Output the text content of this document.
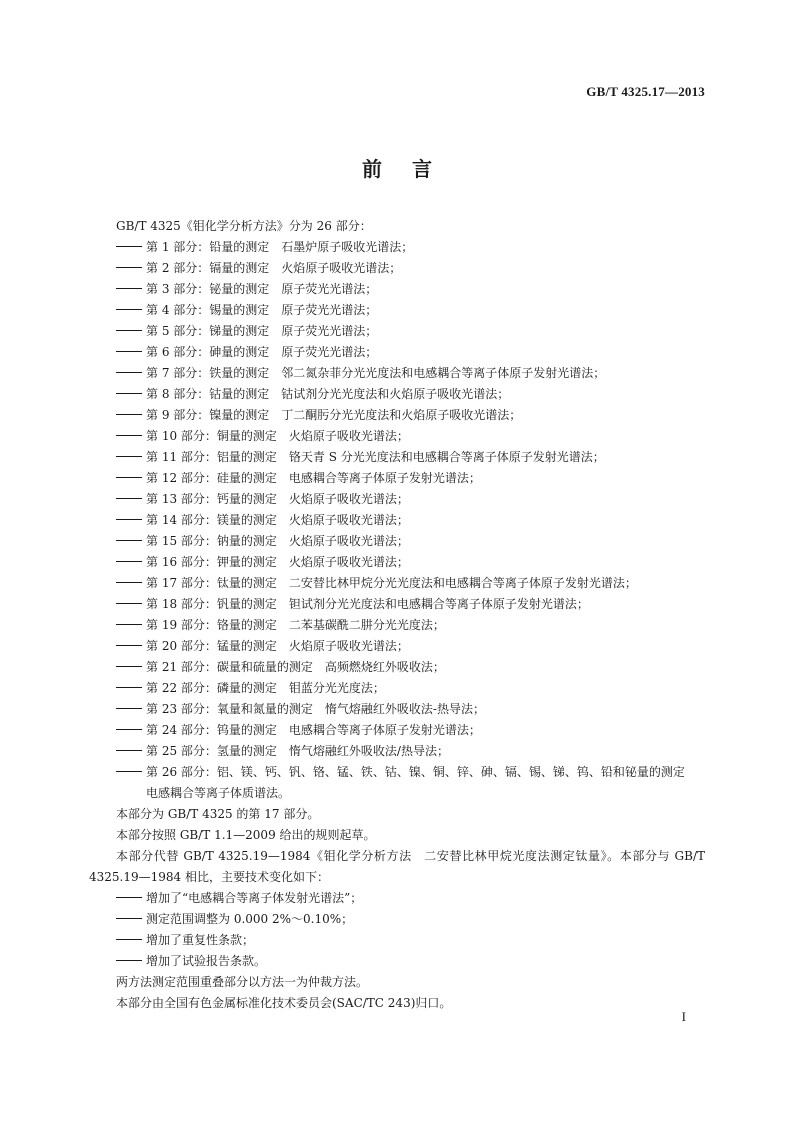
GB/T 4325.17—2013
前言

GB/T 4325《钼化学分析方法》分为 26 部分：

第 1 部分：铅量的测定　石墨炉原子吸收光谱法；

第 2 部分：镉量的测定　火焰原子吸收光谱法；

第 3 部分：铋量的测定　原子荧光光谱法；

第 4 部分：锡量的测定　原子荧光光谱法；

第 5 部分：锑量的测定　原子荧光光谱法；

第 6 部分：砷量的测定　原子荧光光谱法；

第 7 部分：铁量的测定　邻二氮杂菲分光光度法和电感耦合等离子体原子发射光谱法；

第 8 部分：钴量的测定　钴试剂分光光度法和火焰原子吸收光谱法；

第 9 部分：镍量的测定　丁二酮肟分光光度法和火焰原子吸收光谱法；

第 10 部分：铜量的测定　火焰原子吸收光谱法；

第 11 部分：铝量的测定　铬天青 S 分光光度法和电感耦合等离子体原子发射光谱法；

第 12 部分：硅量的测定　电感耦合等离子体原子发射光谱法；

第 13 部分：钙量的测定　火焰原子吸收光谱法；

第 14 部分：镁量的测定　火焰原子吸收光谱法；

第 15 部分：钠量的测定　火焰原子吸收光谱法；

第 16 部分：钾量的测定　火焰原子吸收光谱法；

第 17 部分：钛量的测定　二安替比林甲烷分光光度法和电感耦合等离子体原子发射光谱法；

第 18 部分：钒量的测定　钽试剂分光光度法和电感耦合等离子体原子发射光谱法；

第 19 部分：铬量的测定　二苯基碳酰二肼分光光度法；

第 20 部分：锰量的测定　火焰原子吸收光谱法；

第 21 部分：碳量和硫量的测定　高频燃烧红外吸收法；

第 22 部分：磷量的测定　钼蓝分光光度法；

第 23 部分：氧量和氮量的测定　惰气熔融红外吸收法-热导法；

第 24 部分：钨量的测定　电感耦合等离子体原子发射光谱法；

第 25 部分：氢量的测定　惰气熔融红外吸收法/热导法；

第 26 部分：铝、镁、钙、钒、铬、锰、铁、钴、镍、铜、锌、砷、镉、锡、锑、钨、铅和铋量的测定　电感耦合等离子体质谱法。

本部分为 GB/T 4325 的第 17 部分。

本部分按照 GB/T 1.1—2009 给出的规则起草。

本部分代替 GB/T 4325.19—1984《钼化学分析方法　二安替比林甲烷光度法测定钛量》。本部分与 GB/T 4325.19—1984 相比，主要技术变化如下：

增加了“电感耦合等离子体发射光谱法”；

测定范围调整为 0.000 2%～0.10%；

增加了重复性条款；

增加了试验报告条款。

两方法测定范围重叠部分以方法一为仲裁方法。

本部分由全国有色金属标准化技术委员会(SAC/TC 243)归口。

I
